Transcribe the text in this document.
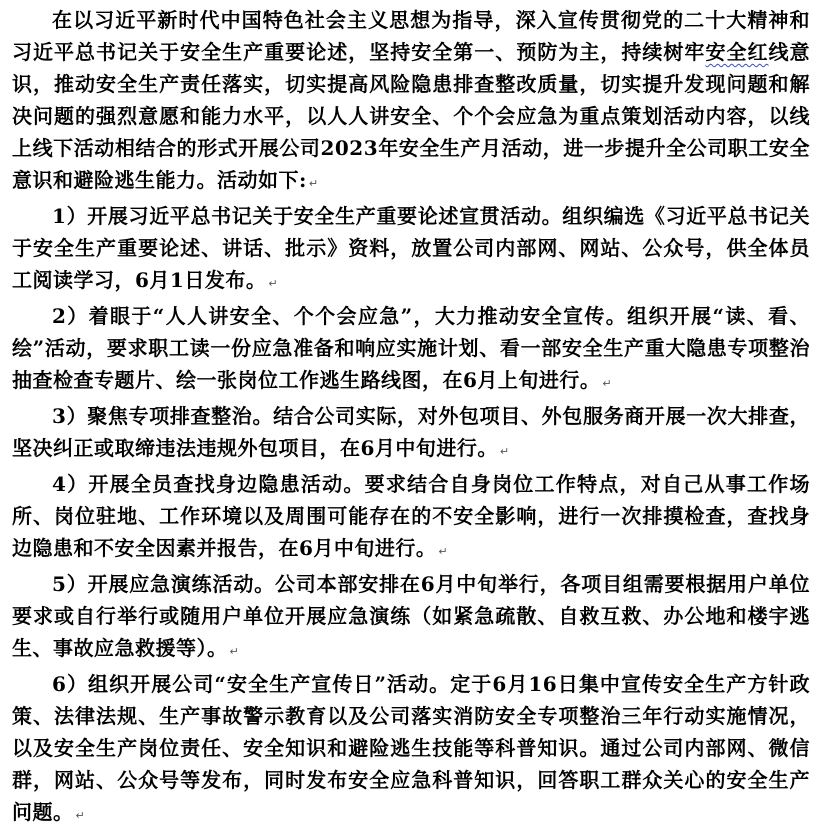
在以习近平新时代中国特色社会主义思想为指导，深入宣传贯彻党的二十大精神和习近平总书记关于安全生产重要论述，坚持安全第一、预防为主，持续树牢安全红线意识，推动安全生产责任落实，切实提高风险隐患排查整改质量，切实提升发现问题和解决问题的强烈意愿和能力水平，以人人讲安全、个个会应急为重点策划活动内容，以线上线下活动相结合的形式开展公司2023年安全生产月活动，进一步提升全公司职工安全意识和避险逃生能力。活动如下: ↵

1）开展习近平总书记关于安全生产重要论述宣贯活动。组织编选《习近平总书记关于安全生产重要论述、讲话、批示》资料，放置公司内部网、网站、公众号，供全体员工阅读学习，6月1日发布。 ↵

2）着眼于“人人讲安全、个个会应急”，大力推动安全宣传。组织开展“读、看、绘”活动，要求职工读一份应急准备和响应实施计划、看一部安全生产重大隐患专项整治抽查检查专题片、绘一张岗位工作逃生路线图，在6月上旬进行。 ↵

3）聚焦专项排查整治。结合公司实际，对外包项目、外包服务商开展一次大排查，坚决纠正或取缔违法违规外包项目，在6月中旬进行。 ↵

4）开展全员查找身边隐患活动。要求结合自身岗位工作特点，对自己从事工作场所、岗位驻地、工作环境以及周围可能存在的不安全影响，进行一次排摸检查，查找身边隐患和不安全因素并报告，在6月中旬进行。 ↵

5）开展应急演练活动。公司本部安排在6月中旬举行，各项目组需要根据用户单位要求或自行举行或随用户单位开展应急演练（如紧急疏散、自救互救、办公地和楼宇逃生、事故应急救援等）。 ↵

6）组织开展公司“安全生产宣传日”活动。定于6月16日集中宣传安全生产方针政策、法律法规、生产事故警示教育以及公司落实消防安全专项整治三年行动实施情况，以及安全生产岗位责任、安全知识和避险逃生技能等科普知识。通过公司内部网、微信群，网站、公众号等发布，同时发布安全应急科普知识，回答职工群众关心的安全生产问题。 ↵
